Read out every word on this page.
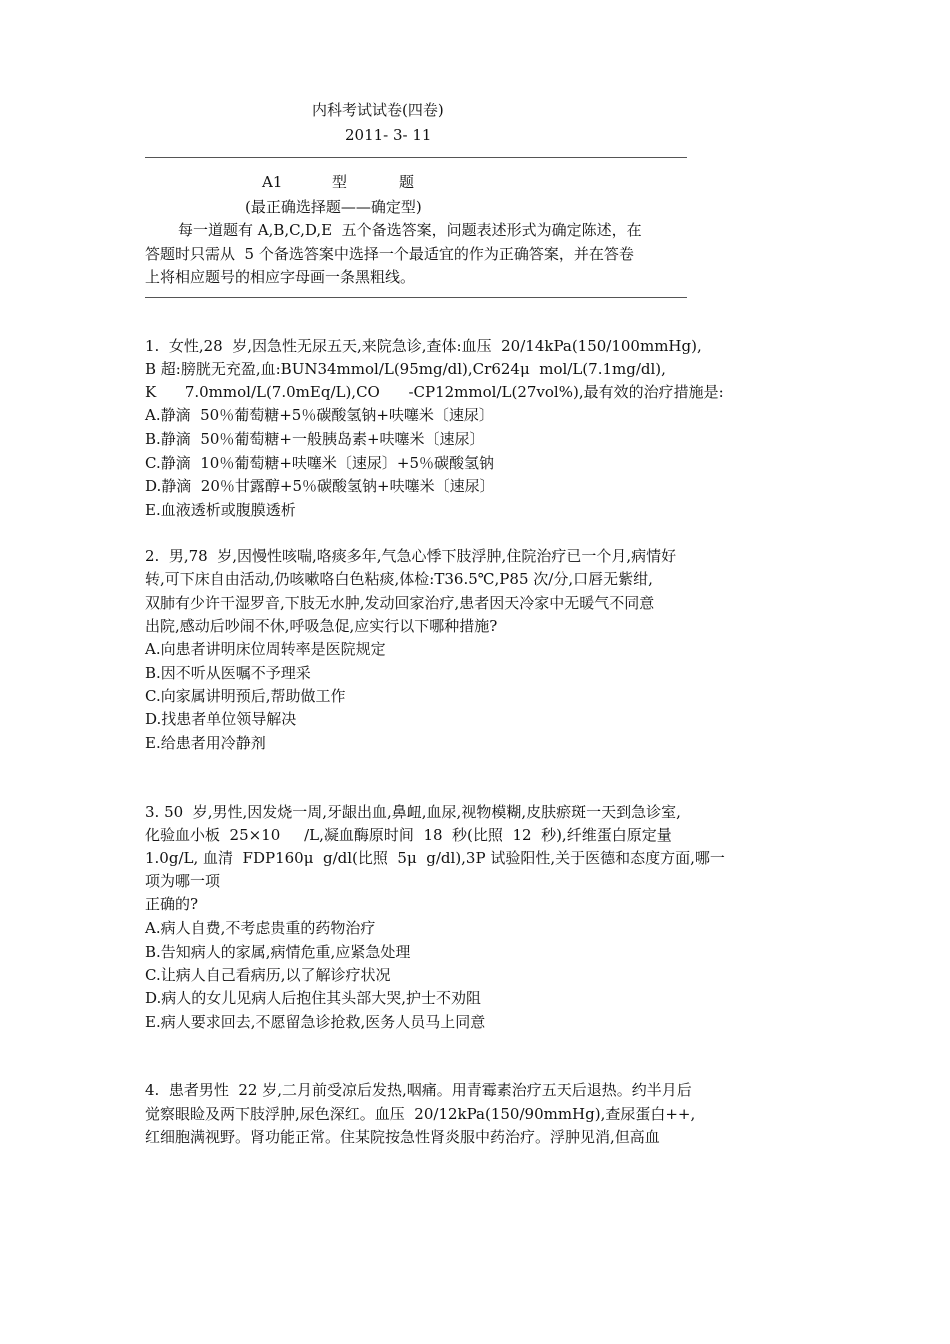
内科考试试卷(四卷)
2011- 3- 11
A1	型	题
(最正确选择题——确定型)
每一道题有 A,B,C,D,E  五个备选答案，问题表述形式为确定陈述，在
答题时只需从  5 个备选答案中选择一个最适宜的作为正确答案，并在答卷
上将相应题号的相应字母画一条黑粗线。
1.  女性,28  岁,因急性无尿五天,来院急诊,查体:血压  20/14kPa(150/100mmHg),
B 超:膀胱无充盈,血:BUN34mmol/L(95mg/dl),Cr624μ  mol/L(7.1mg/dl),
K      7.0mmol/L(7.0mEq/L),CO      -CP12mmol/L(27vol%),最有效的治疗措施是:
A.静滴  50％葡萄糖+5％碳酸氢钠+呋噻米〔速尿〕
B.静滴  50％葡萄糖+一般胰岛素+呋噻米〔速尿〕
C.静滴  10％葡萄糖+呋噻米〔速尿〕+5％碳酸氢钠
D.静滴  20％甘露醇+5％碳酸氢钠+呋噻米〔速尿〕
E.血液透析或腹膜透析
2.  男,78  岁,因慢性咳喘,咯痰多年,气急心悸下肢浮肿,住院治疗已一个月,病情好
转,可下床自由活动,仍咳嗽咯白色粘痰,体检:T36.5℃,P85 次/分,口唇无紫绀,
双肺有少许干湿罗音,下肢无水肿,发动回家治疗,患者因天冷家中无暖气不同意
出院,感动后吵闹不休,呼吸急促,应实行以下哪种措施?
A.向患者讲明床位周转率是医院规定
B.因不听从医嘱不予理采
C.向家属讲明预后,帮助做工作
D.找患者单位领导解决
E.给患者用冷静剂
3. 50  岁,男性,因发烧一周,牙龈出血,鼻衄,血尿,视物模糊,皮肤瘀斑一天到急诊室,
化验血小板  25×10     /L,凝血酶原时间  18  秒(比照  12  秒),纤维蛋白原定量
1.0g/L, 血清  FDP160μ  g/dl(比照  5μ  g/dl),3P 试验阳性,关于医德和态度方面,哪一
项为哪一项
正确的?
A.病人自费,不考虑贵重的药物治疗
B.告知病人的家属,病情危重,应紧急处理
C.让病人自己看病历,以了解诊疗状况
D.病人的女儿见病人后抱住其头部大哭,护士不劝阻
E.病人要求回去,不愿留急诊抢救,医务人员马上同意
4.  患者男性  22 岁,二月前受凉后发热,咽痛。用青霉素治疗五天后退热。约半月后
觉察眼睑及两下肢浮肿,尿色深红。血压  20/12kPa(150/90mmHg),查尿蛋白++,
红细胞满视野。肾功能正常。住某院按急性肾炎服中药治疗。浮肿见消,但高血
